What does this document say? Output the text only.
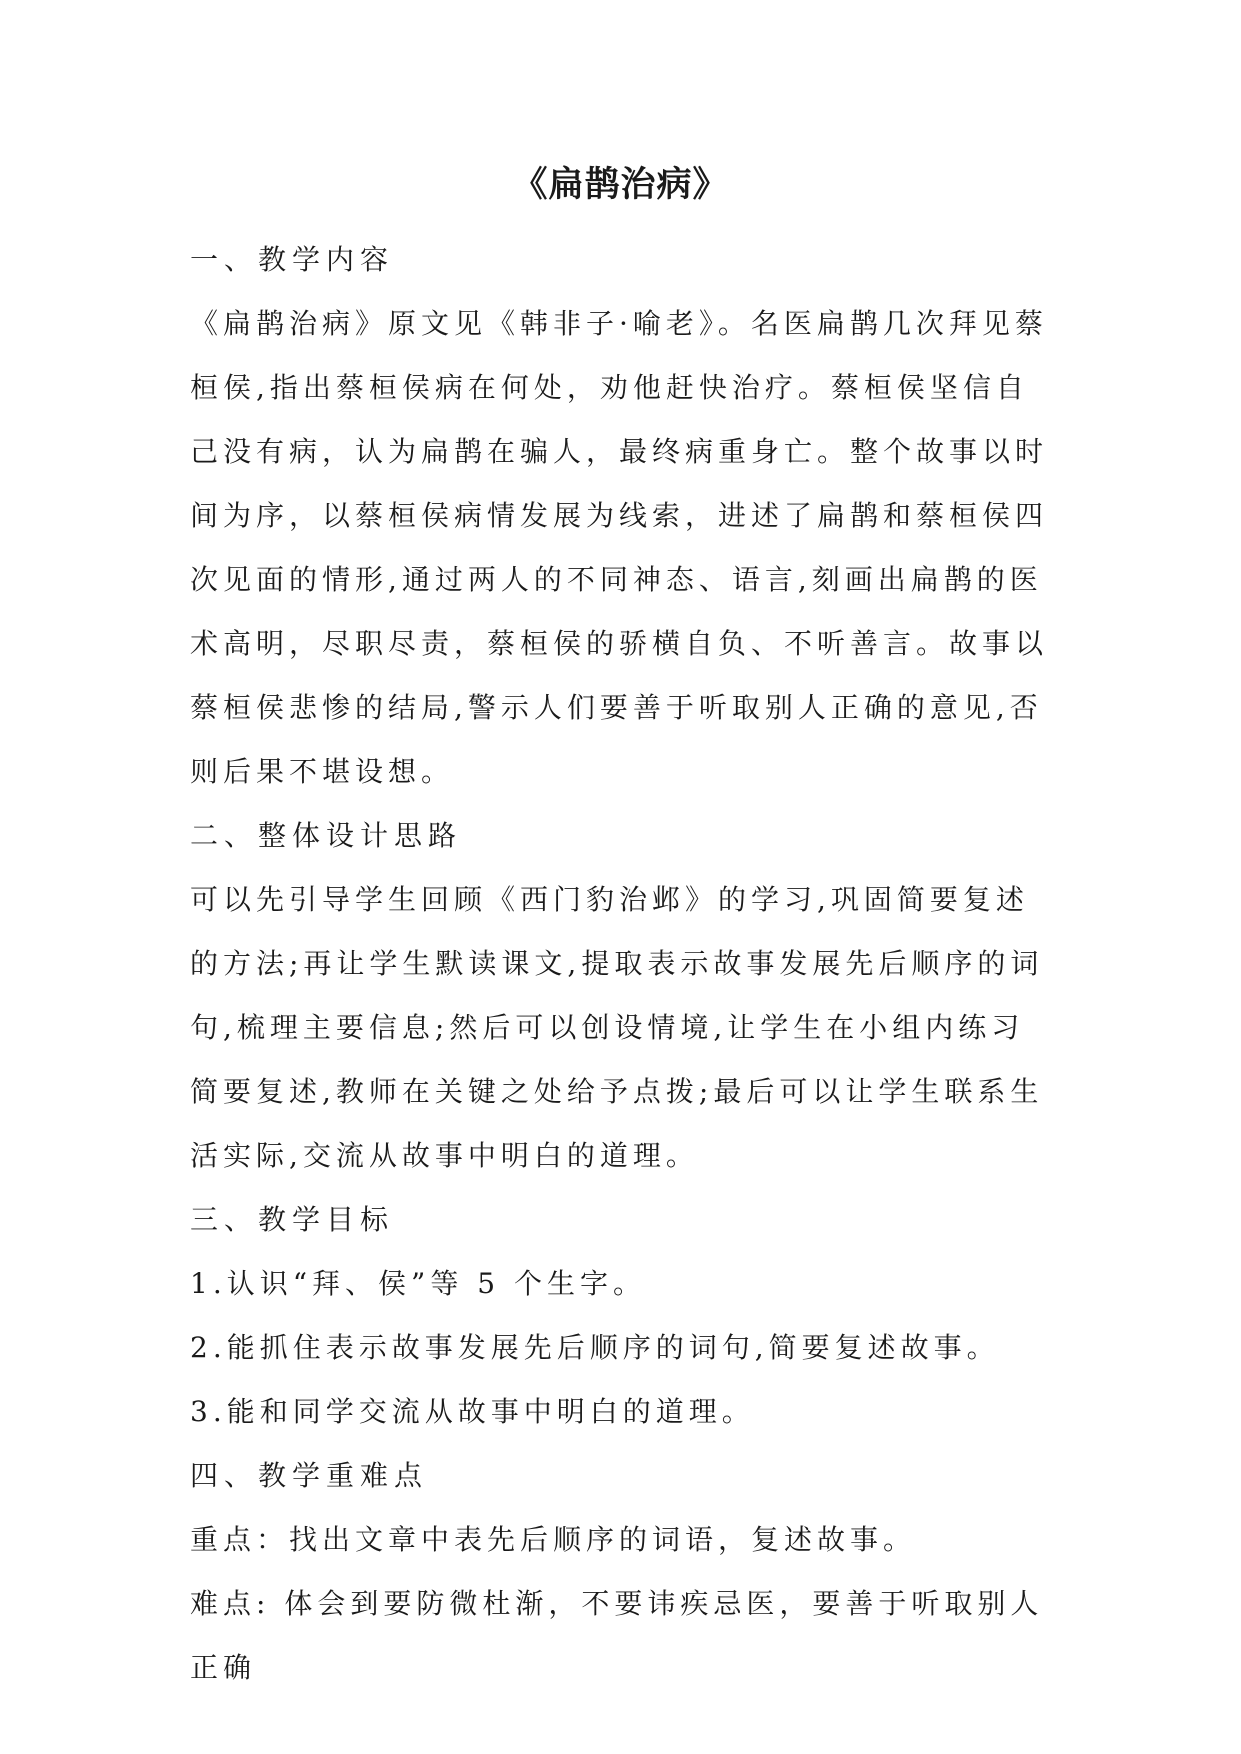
《扁鹊治病》

一、教学内容

《扁鹊治病》原文见《韩非子·喻老》。名医扁鹊几次拜见蔡桓侯,指出蔡桓侯病在何处，劝他赶快治疗。蔡桓侯坚信自己没有病，认为扁鹊在骗人，最终病重身亡。整个故事以时间为序，以蔡桓侯病情发展为线索，进述了扁鹊和蔡桓侯四次见面的情形,通过两人的不同神态、语言,刻画出扁鹊的医术高明，尽职尽责，蔡桓侯的骄横自负、不听善言。故事以蔡桓侯悲惨的结局,警示人们要善于听取别人正确的意见,否则后果不堪设想。

二、整体设计思路

可以先引导学生回顾《西门豹治邺》的学习,巩固简要复述的方法;再让学生默读课文,提取表示故事发展先后顺序的词句,梳理主要信息;然后可以创设情境,让学生在小组内练习简要复述,教师在关键之处给予点拨;最后可以让学生联系生活实际,交流从故事中明白的道理。

三、教学目标

1.认识“拜、侯”等 5 个生字。

2.能抓住表示故事发展先后顺序的词句,简要复述故事。

3.能和同学交流从故事中明白的道理。

四、教学重难点

重点：找出文章中表先后顺序的词语，复述故事。

难点: 体会到要防微杜渐，不要讳疾忌医，要善于听取别人正确
